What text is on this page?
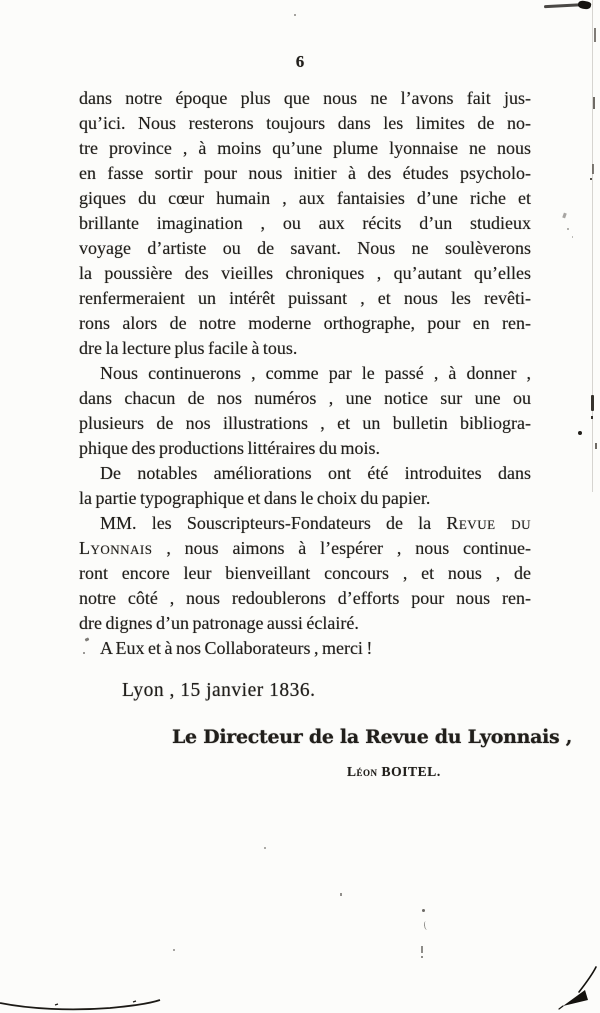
6
dans notre époque plus que nous ne l’avons fait jus-
qu’ici. Nous resterons toujours dans les limites de no-
tre province , à moins qu’une plume lyonnaise ne nous
en fasse sortir pour nous initier à des études psycholo-
giques du cœur humain , aux fantaisies d’une riche et
brillante imagination , ou aux récits d’un studieux
voyage d’artiste ou de savant. Nous ne soulèverons
la poussière des vieilles chroniques , qu’autant qu’elles
renfermeraient un intérêt puissant , et nous les revêti-
rons alors de notre moderne orthographe, pour en ren-
dre la lecture plus facile à tous.
Nous continuerons , comme par le passé , à donner ,
dans chacun de nos numéros , une notice sur une ou
plusieurs de nos illustrations , et un bulletin bibliogra-
phique des productions littéraires du mois.
De notables améliorations ont été introduites dans
la partie typographique et dans le choix du papier.
MM. les Souscripteurs-Fondateurs de la Revue du
Lyonnais , nous aimons à l’espérer , nous continue-
ront encore leur bienveillant concours , et nous , de
notre côté , nous redoublerons d’efforts pour nous ren-
dre dignes d’un patronage aussi éclairé.
A Eux et à nos Collaborateurs , merci !
Lyon , 15 janvier 1836.
Le Directeur de la Revue du Lyonnais ,
Léon BOITEL.
